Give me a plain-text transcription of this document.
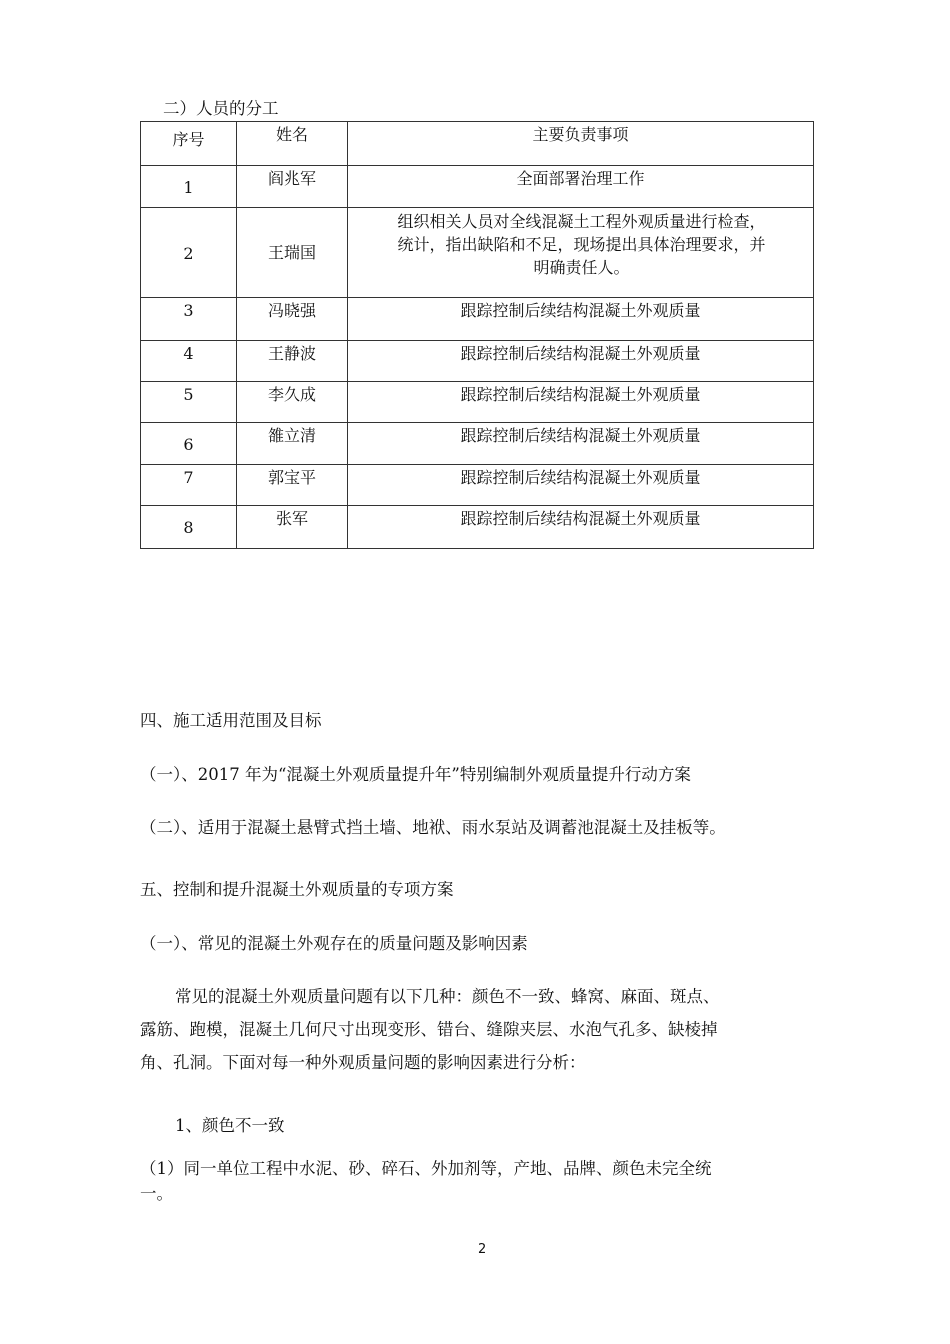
二）人员的分工
序号	姓名	主要负责事项

1	阎兆军	全面部署治理工作

2	王瑞国	组织相关人员对全线混凝土工程外观质量进行检查，
统计，指出缺陷和不足，现场提出具体治理要求，并
明确责任人。

3	冯晓强	跟踪控制后续结构混凝土外观质量

4	王静波	跟踪控制后续结构混凝土外观质量

5	李久成	跟踪控制后续结构混凝土外观质量

6	雒立清	跟踪控制后续结构混凝土外观质量

7	郭宝平	跟踪控制后续结构混凝土外观质量

8	张军	跟踪控制后续结构混凝土外观质量
四、施工适用范围及目标
（一）、2017 年为“混凝土外观质量提升年”特别编制外观质量提升行动方案
（二）、适用于混凝土悬臂式挡土墙、地袱、雨水泵站及调蓄池混凝土及挂板等。
五、控制和提升混凝土外观质量的专项方案
（一）、常见的混凝土外观存在的质量问题及影响因素
常见的混凝土外观质量问题有以下几种：颜色不一致、蜂窝、麻面、斑点、
露筋、跑模，混凝土几何尺寸出现变形、错台、缝隙夹层、水泡气孔多、缺棱掉
角、孔洞。下面对每一种外观质量问题的影响因素进行分析：
1、颜色不一致
（1）同一单位工程中水泥、砂、碎石、外加剂等，产地、品牌、颜色未完全统
一。
2
